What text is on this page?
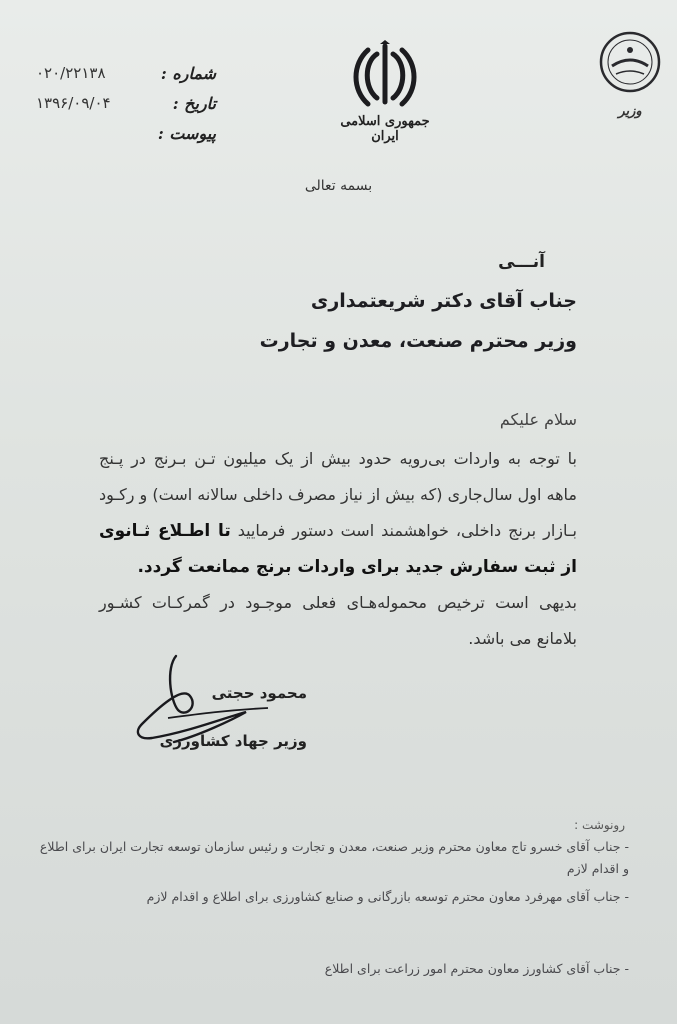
شماره :
۰۲۰/۲۲۱۳۸
تاریخ :
۱۳۹۶/۰۹/۰۴
پیوست :
جمهوری اسلامی ایران
وزیر
بسمه تعالی
آنـــی
جناب آقای دکتر شریعتمداری
وزیر محترم صنعت، معدن و تجارت
سلام علیکم

با توجه به واردات بی‌رویه حدود بیش از یک میلیون تـن بـرنج در پـنج ماهه اول سال‌جاری (که بیش از نیاز مصرف داخلی سالانه است) و رکـود بـازار برنج داخلی، خواهشمند است دستور فرمایید تا اطـلاع ثـانوی از ثبت سفارش جدید برای واردات برنج ممانعت گردد.

بدیهی است ترخیص محموله‌هـای فعلی موجـود در گمرکـات کشـور بلامانع می باشد.

محمود حجتی
وزیر جهاد کشاورزی
رونوشت :
- جناب آقای خسرو تاج معاون محترم وزیر صنعت، معدن و تجارت و رئیس سازمان توسعه تجارت ایران برای اطلاع و اقدام لازم
- جناب آقای مهرفرد معاون محترم توسعه بازرگانی و صنایع کشاورزی برای اطلاع و اقدام لازم
- جناب آقای کشاورز معاون محترم امور زراعت برای اطلاع
